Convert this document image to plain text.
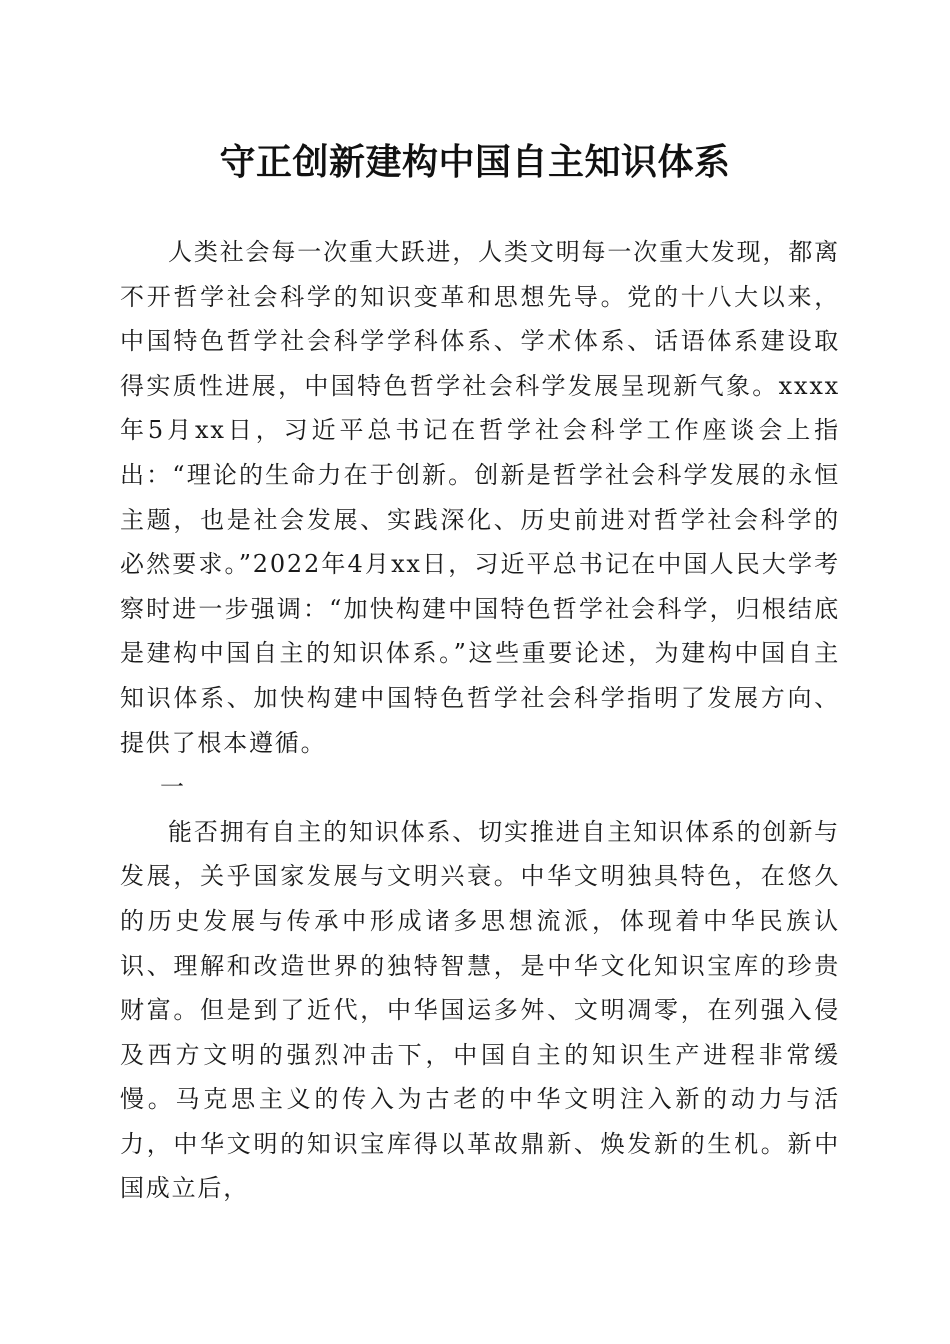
守正创新建构中国自主知识体系

人类社会每一次重大跃进，人类文明每一次重大发现，都离不开哲学社会科学的知识变革和思想先导。党的十八大以来，中国特色哲学社会科学学科体系、学术体系、话语体系建设取得实质性进展，中国特色哲学社会科学发展呈现新气象。xxxx年5月xx日，习近平总书记在哲学社会科学工作座谈会上指出：“理论的生命力在于创新。创新是哲学社会科学发展的永恒主题，也是社会发展、实践深化、历史前进对哲学社会科学的必然要求。”2022年4月xx日，习近平总书记在中国人民大学考察时进一步强调：“加快构建中国特色哲学社会科学，归根结底是建构中国自主的知识体系。”这些重要论述，为建构中国自主知识体系、加快构建中国特色哲学社会科学指明了发展方向、提供了根本遵循。

一

能否拥有自主的知识体系、切实推进自主知识体系的创新与发展，关乎国家发展与文明兴衰。中华文明独具特色，在悠久的历史发展与传承中形成诸多思想流派，体现着中华民族认识、理解和改造世界的独特智慧，是中华文化知识宝库的珍贵财富。但是到了近代，中华国运多舛、文明凋零，在列强入侵及西方文明的强烈冲击下，中国自主的知识生产进程非常缓慢。马克思主义的传入为古老的中华文明注入新的动力与活力，中华文明的知识宝库得以革故鼎新、焕发新的生机。新中国成立后，
